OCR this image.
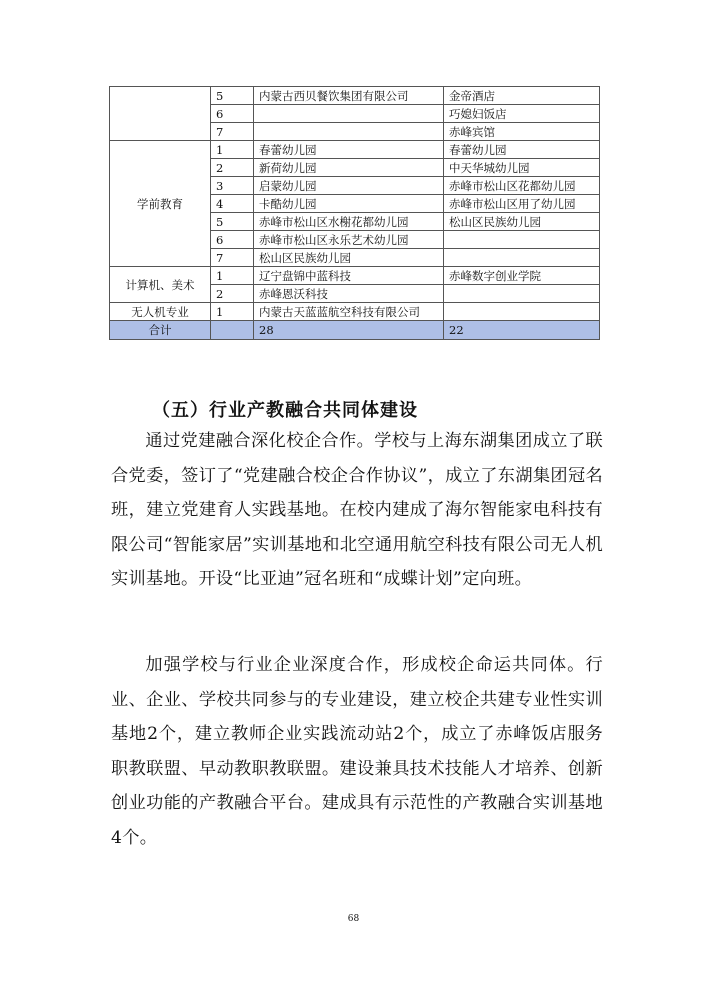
	5	内蒙古西贝餐饮集团有限公司	金帝酒店
	6		巧媳妇饭店
	7		赤峰宾馆
学前教育	1	春蕾幼儿园	春蕾幼儿园
	2	新荷幼儿园	中天华城幼儿园
	3	启蒙幼儿园	赤峰市松山区花都幼儿园
	4	卡酷幼儿园	赤峰市松山区用了幼儿园
	5	赤峰市松山区水榭花都幼儿园	松山区民族幼儿园
	6	赤峰市松山区永乐艺术幼儿园	
	7	松山区民族幼儿园	
计算机、美术	1	辽宁盘锦中蓝科技	赤峰数字创业学院
	2	赤峰恩沃科技	
无人机专业	1	内蒙古天蓝蓝航空科技有限公司	
合计		28	22
（五）行业产教融合共同体建设

通过党建融合深化校企合作。学校与上海东湖集团成立了联合党委，签订了“党建融合校企合作协议”，成立了东湖集团冠名班，建立党建育人实践基地。在校内建成了海尔智能家电科技有限公司“智能家居”实训基地和北空通用航空科技有限公司无人机实训基地。开设“比亚迪”冠名班和“成蝶计划”定向班。

加强学校与行业企业深度合作，形成校企命运共同体。行业、企业、学校共同参与的专业建设，建立校企共建专业性实训基地2个，建立教师企业实践流动站2个，成立了赤峰饭店服务职教联盟、早动教职教联盟。建设兼具技术技能人才培养、创新创业功能的产教融合平台。建成具有示范性的产教融合实训基地4个。

68
